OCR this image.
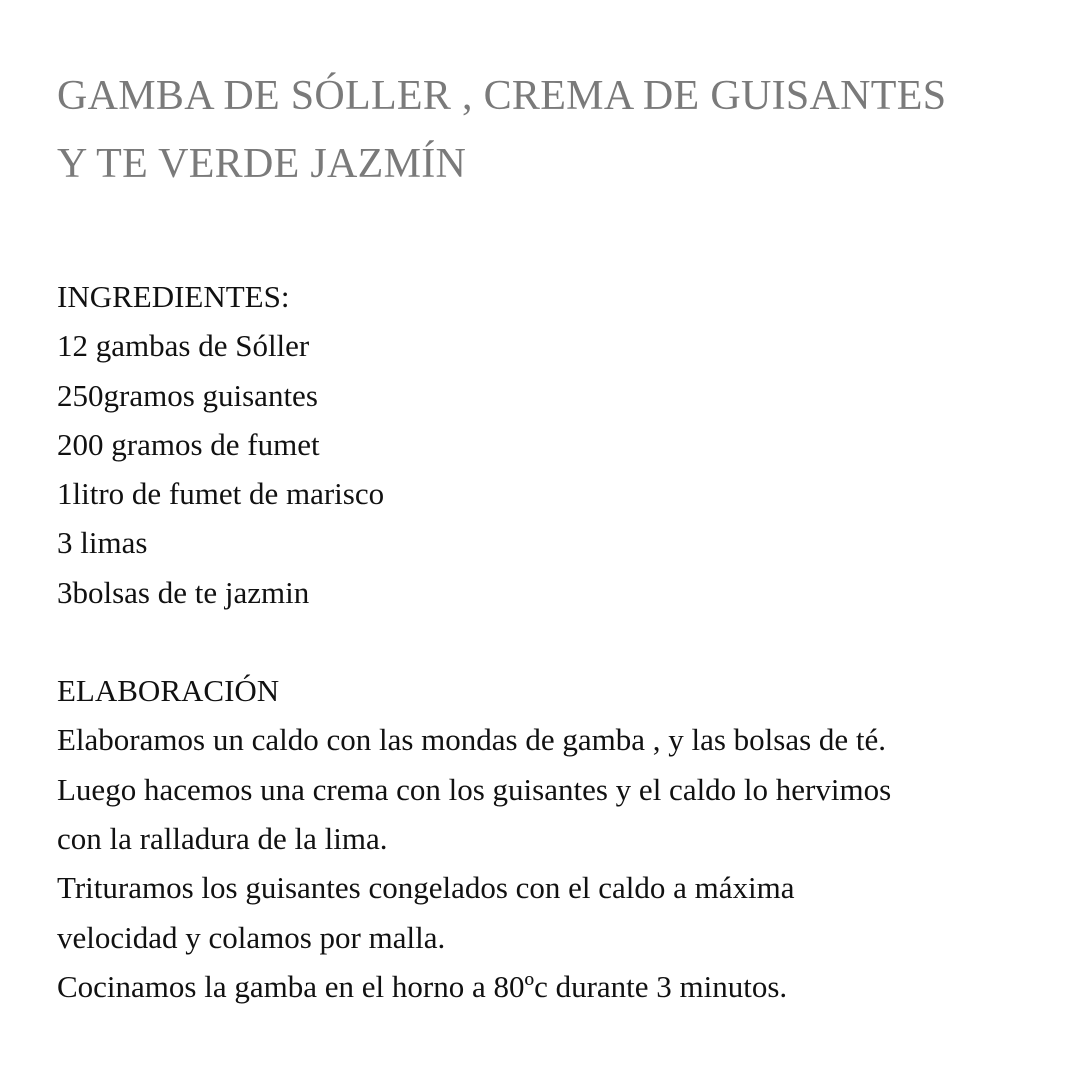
GAMBA DE SÓLLER , CREMA DE GUISANTES
Y TE VERDE JAZMÍN
INGREDIENTES:
12 gambas de Sóller
250gramos guisantes
200 gramos de fumet
1litro de fumet de marisco
3 limas
3bolsas de te jazmin
ELABORACIÓN
Elaboramos un caldo con las mondas de gamba , y las bolsas de té.
Luego hacemos una crema con los guisantes y el caldo lo hervimos
con la ralladura de la lima.
Trituramos los guisantes congelados con el caldo a máxima
velocidad y colamos por malla.
Cocinamos la gamba en el horno a 80ºc durante 3 minutos.
